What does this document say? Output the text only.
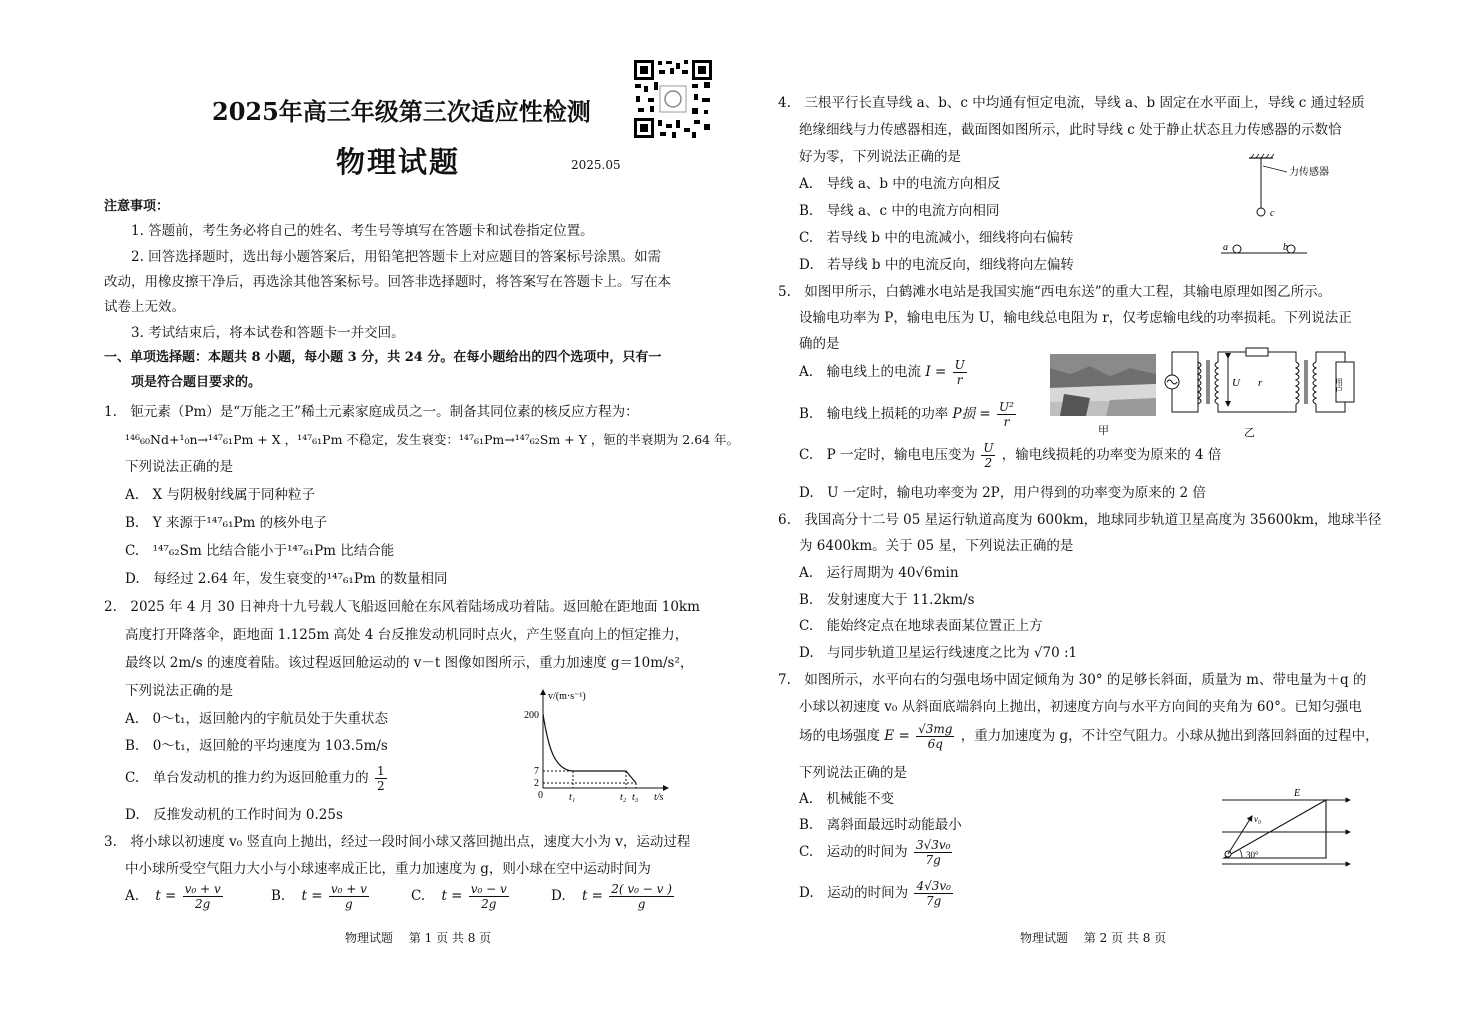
2025年高三年级第三次适应性检测
物理试题	2025.05
注意事项：
1. 答题前，考生务必将自己的姓名、考生号等填写在答题卡和试卷指定位置。
2. 回答选择题时，选出每小题答案后，用铅笔把答题卡上对应题目的答案标号涂黑。如需
改动，用橡皮擦干净后，再选涂其他答案标号。回答非选择题时，将答案写在答题卡上。写在本
试卷上无效。
3. 考试结束后，将本试卷和答题卡一并交回。
一、单项选择题：本题共 8 小题，每小题 3 分，共 24 分。在每小题给出的四个选项中，只有一
项是符合题目要求的。
1.　钷元素（Pm）是“万能之王”稀土元素家庭成员之一。制备其同位素的核反应方程为：
¹⁴⁶₆₀Nd+¹₀n→¹⁴⁷₆₁Pm + X ，¹⁴⁷₆₁Pm 不稳定，发生衰变：¹⁴⁷₆₁Pm→¹⁴⁷₆₂Sm + Y ，钷的半衰期为 2.64 年。
下列说法正确的是
A.　X 与阴极射线属于同种粒子
B.　Y 来源于¹⁴⁷₆₁Pm 的核外电子
C.　¹⁴⁷₆₂Sm 比结合能小于¹⁴⁷₆₁Pm 比结合能
D.　每经过 2.64 年，发生衰变的¹⁴⁷₆₁Pm 的数量相同
2.　2025 年 4 月 30 日神舟十九号载人飞船返回舱在东风着陆场成功着陆。返回舱在距地面 10km
高度打开降落伞，距地面 1.125m 高处 4 台反推发动机同时点火，产生竖直向上的恒定推力，
最终以 2m/s 的速度着陆。该过程返回舱运动的 v－t 图像如图所示，重力加速度 g＝10m/s²，
下列说法正确的是
A.　0～t₁，返回舱内的宇航员处于失重状态
B.　0～t₁，返回舱的平均速度为 103.5m/s
C.　单台发动机的推力约为返回舱重力的 $\frac{1}{2}$
D.　反推发动机的工作时间为 0.25s
v/(m·s⁻¹)
200
7
2
0	t₁	t₂ t₃ t/s
3.　将小球以初速度 v₀ 竖直向上抛出，经过一段时间小球又落回抛出点，速度大小为 v，运动过程
中小球所受空气阻力大小与小球速率成正比，重力加速度为 g，则小球在空中运动时间为
A. $t = \frac{\text{v₀ + v}}{2g}$	B. $t = \frac{\text{v₀ + v}}{g}$	C. $t = \frac{\text{v₀ − v}}{2g}$	D. $t = \frac{\text{2( v₀ − v )}}{g}$
物理试题　 第 1 页 共 8 页
4.　三根平行长直导线 a、b、c 中均通有恒定电流，导线 a、b 固定在水平面上，导线 c 通过轻质
绝缘细线与力传感器相连，截面图如图所示，此时导线 c 处于静止状态且力传感器的示数恰
好为零，下列说法正确的是
A.　导线 a、b 中的电流方向相反
B.　导线 a、c 中的电流方向相同
C.　若导线 b 中的电流减小，细线将向右偏转
D.　若导线 b 中的电流反向，细线将向左偏转
力传感器
c
a	b
5.　如图甲所示，白鹤滩水电站是我国实施“西电东送”的重大工程，其输电原理如图乙所示。
设输电功率为 P，输电电压为 U，输电线总电阻为 r，仅考虑输电线的功率损耗。下列说法正
确的是
A.　输电线上的电流 $I = \frac{U}{r}$
B.　输电线上损耗的功率 P损 = $\frac{\text{U²}}{r}$
C.　P 一定时，输电电压变为 $\frac{U}{2}$ ，输电线损耗的功率变为原来的 4 倍
D.　U 一定时，输电功率变为 2P，用户得到的功率变为原来的 2 倍
甲
U r	用户
乙
6.　我国高分十二号 05 星运行轨道高度为 600km，地球同步轨道卫星高度为 35600km，地球半径
为 6400km。关于 05 星，下列说法正确的是
A.　运行周期为 40√6min
B.　发射速度大于 11.2km/s
C.　能始终定点在地球表面某位置正上方
D.　与同步轨道卫星运行线速度之比为 √70 :1
7.　如图所示，水平向右的匀强电场中固定倾角为 30° 的足够长斜面，质量为 m、带电量为＋q 的
小球以初速度 v₀ 从斜面底端斜向上抛出，初速度方向与水平方向间的夹角为 60°。已知匀强电
场的电场强度 $E = \frac{√3mg}{6q}$ ，重力加速度为 g，不计空气阻力。小球从抛出到落回斜面的过程中，
下列说法正确的是
A.　机械能不变
B.　离斜面最远时动能最小
C.　运动的时间为 $\frac{\text{3√3v₀}}{7g}$
D.　运动的时间为 $\frac{\text{4√3v₀}}{7g}$
E
v₀
30°
物理试题　 第 2 页 共 8 页
